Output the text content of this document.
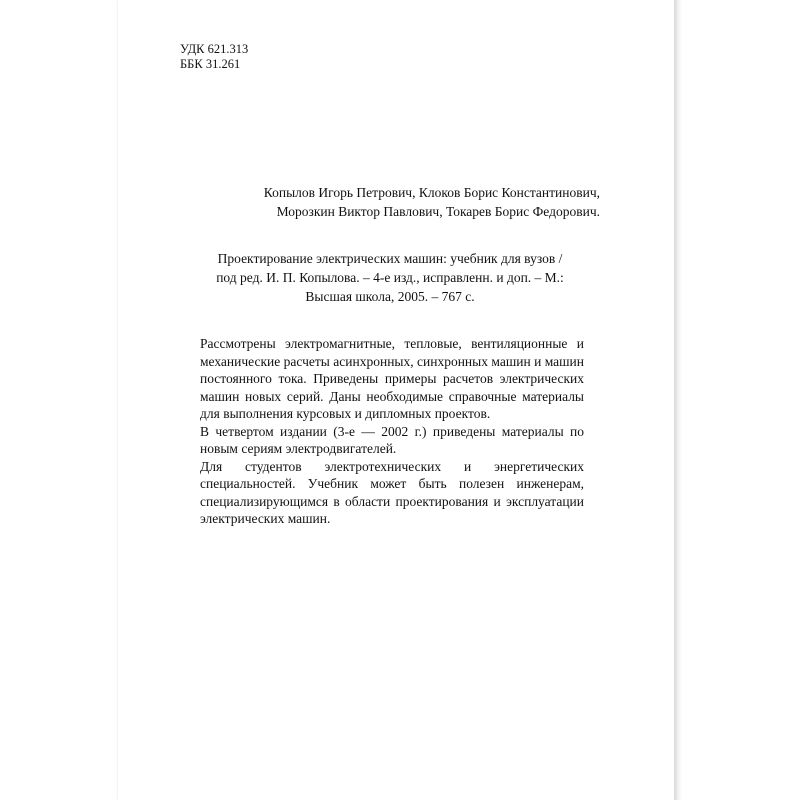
УДК 621.313
ББК 31.261
Копылов Игорь Петрович, Клоков Борис Константинович,
Морозкин Виктор Павлович, Токарев Борис Федорович.
Проектирование электрических машин: учебник для вузов /
под ред. И. П. Копылова. – 4-е изд., исправленн. и доп. – М.:
Высшая школа, 2005. – 767 с.

Рассмотрены электромагнитные, тепловые, вентиляционные и механические расчеты асинхронных, синхронных машин и машин постоянного тока. Приведены примеры расчетов электрических машин новых серий. Даны необходимые справочные материалы для выполнения курсовых и дипломных проектов.

В четвертом издании (3-е — 2002 г.) приведены материалы по новым сериям электродвигателей.

Для студентов электротехнических и энергетических специальностей. Учебник может быть полезен инженерам, специализирующимся в области проектирования и эксплуатации электрических машин.
